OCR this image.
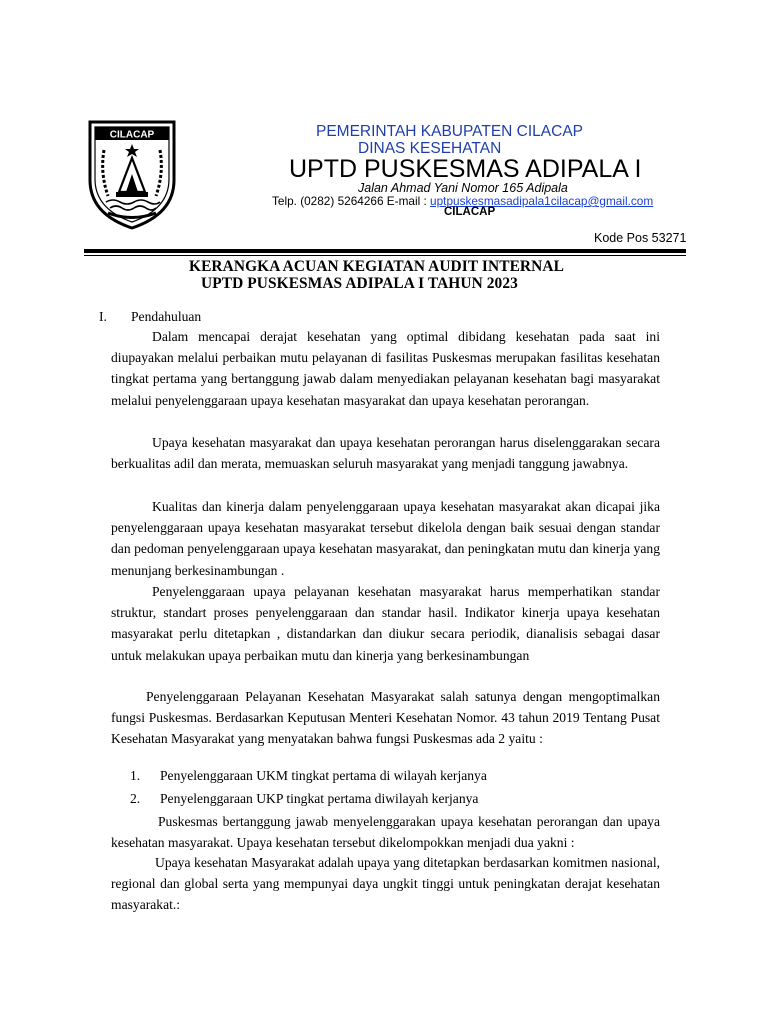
CILACAP	PEMERINTAH KABUPATEN CILACAP
DINAS KESEHATAN
UPTD PUSKESMAS ADIPALA I
Jalan Ahmad Yani Nomor 165 Adipala
Telp. (0282) 5264266 E-mail : uptpuskesmasadipala1cilacap@gmail.com
CILACAP
Kode Pos 53271
KERANGKA ACUAN KEGIATAN AUDIT INTERNAL
UPTD PUSKESMAS ADIPALA I TAHUN 2023
I. Pendahuluan

Dalam mencapai derajat kesehatan yang optimal dibidang kesehatan pada saat ini diupayakan melalui perbaikan mutu pelayanan di fasilitas Puskesmas merupakan fasilitas kesehatan tingkat pertama yang bertanggung jawab dalam menyediakan pelayanan kesehatan bagi masyarakat melalui penyelenggaraan upaya kesehatan masyarakat dan upaya kesehatan perorangan.

Upaya kesehatan masyarakat dan upaya kesehatan perorangan harus diselenggarakan secara berkualitas adil dan merata, memuaskan seluruh masyarakat yang menjadi tanggung jawabnya.

Kualitas dan kinerja dalam penyelenggaraan upaya kesehatan masyarakat akan dicapai jika penyelenggaraan upaya kesehatan masyarakat tersebut dikelola dengan baik sesuai dengan standar dan pedoman penyelenggaraan upaya kesehatan masyarakat, dan peningkatan mutu dan kinerja yang menunjang berkesinambungan .

Penyelenggaraan upaya pelayanan kesehatan masyarakat harus memperhatikan standar struktur, standart proses penyelenggaraan dan standar hasil. Indikator kinerja upaya kesehatan masyarakat perlu ditetapkan , distandarkan dan diukur secara periodik, dianalisis sebagai dasar untuk melakukan upaya perbaikan mutu dan kinerja yang berkesinambungan

Penyelenggaraan Pelayanan Kesehatan Masyarakat salah satunya dengan mengoptimalkan fungsi Puskesmas. Berdasarkan Keputusan Menteri Kesehatan Nomor. 43 tahun 2019 Tentang Pusat Kesehatan Masyarakat yang menyatakan bahwa fungsi Puskesmas ada 2 yaitu :

1. Penyelenggaraan UKM tingkat pertama di wilayah kerjanya
2. Penyelenggaraan UKP tingkat pertama diwilayah kerjanya

Puskesmas bertanggung jawab menyelenggarakan upaya kesehatan perorangan dan upaya kesehatan masyarakat. Upaya kesehatan tersebut dikelompokkan menjadi dua yakni :

Upaya kesehatan Masyarakat adalah upaya yang ditetapkan berdasarkan komitmen nasional, regional dan global serta yang mempunyai daya ungkit tinggi untuk peningkatan derajat kesehatan masyarakat.:
